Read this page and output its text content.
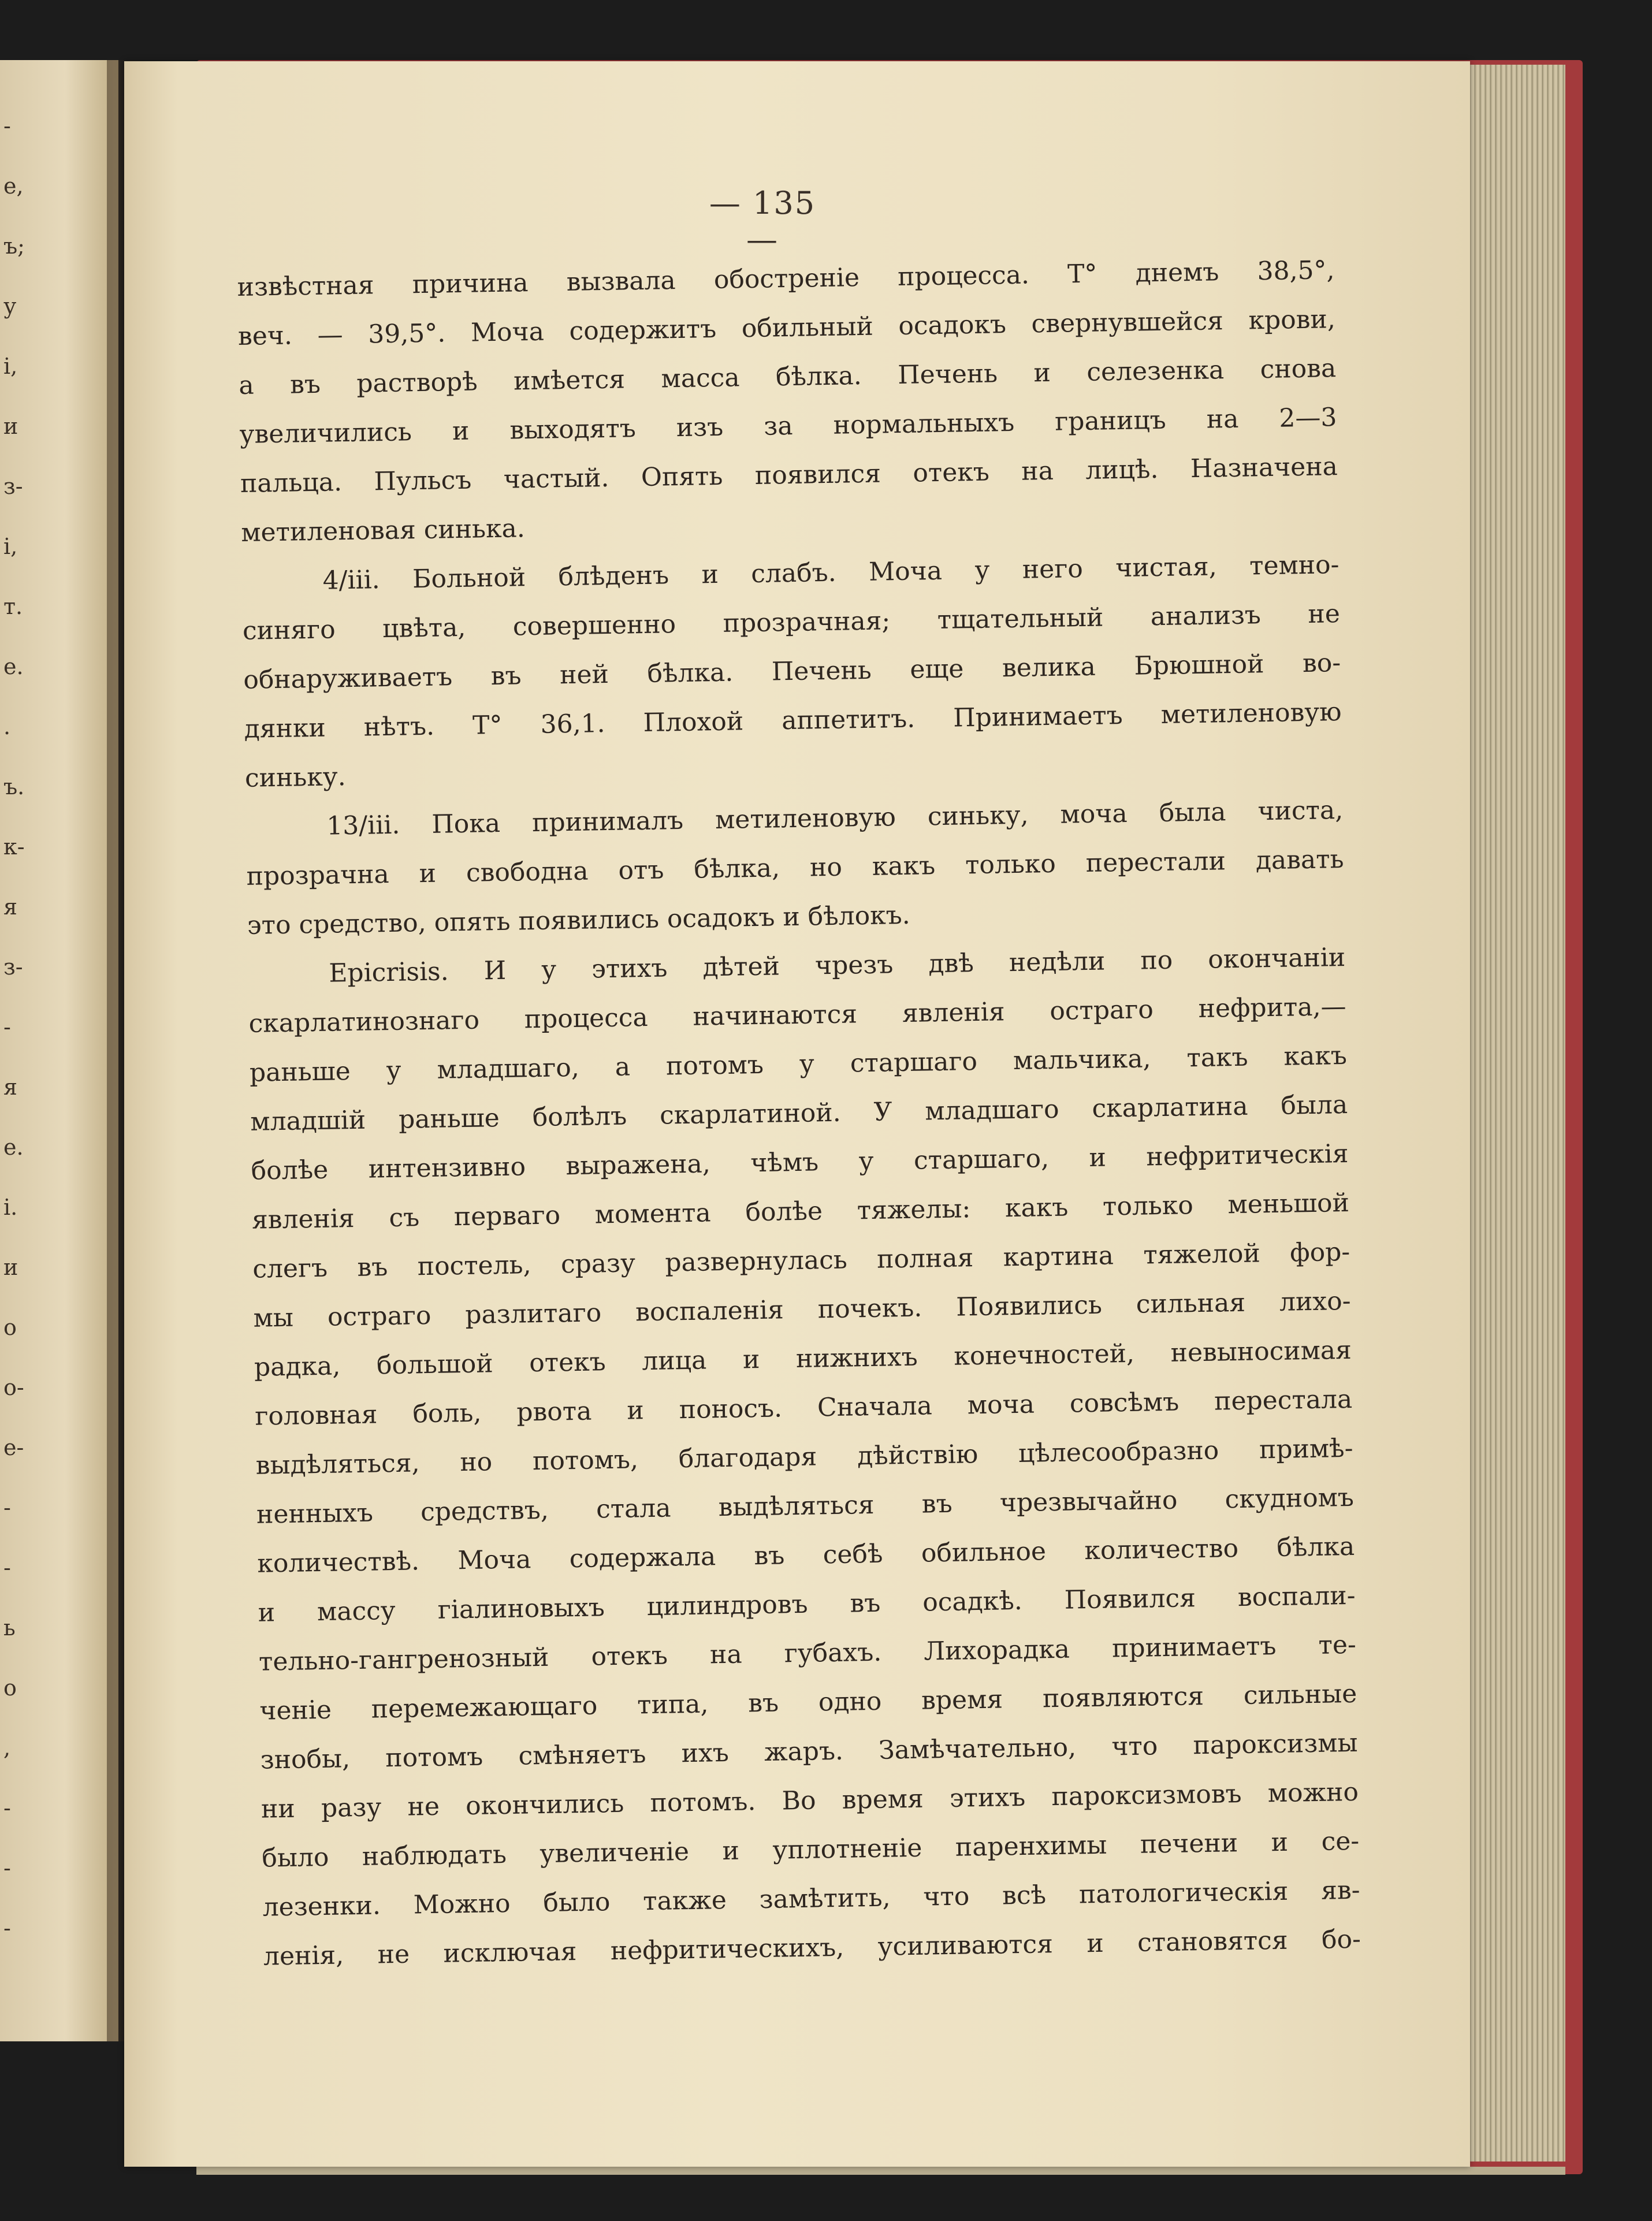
-
е,
ъ;
у
і,
и
з-
і,
т.
е.
.
ъ.
к-
я
з-
-
я
е.
і.
и
о
о-
е-
-
-
ь
о
,
-
-
-
— 135 —
извѣстная причина вызвала обостреніе процесса. Т° днемъ 38,5°,
веч. — 39,5°. Моча содержитъ обильный осадокъ свернувшейся крови,
а въ растворѣ имѣется масса бѣлка. Печень и селезенка снова
увеличились и выходятъ изъ за нормальныхъ границъ на 2—3
пальца. Пульсъ частый. Опять появился отекъ на лицѣ. Назначена
метиленовая синька.
4/ііі. Больной блѣденъ и слабъ. Моча у него чистая, темно-
синяго цвѣта, совершенно прозрачная; тщательный анализъ не
обнаруживаетъ въ ней бѣлка. Печень еще велика Брюшной во-
дянки нѣтъ. Т° 36,1. Плохой аппетитъ. Принимаетъ метиленовую
синьку.
13/ііі. Пока принималъ метиленовую синьку, моча была чиста,
прозрачна и свободна отъ бѣлка, но какъ только перестали давать
это средство, опять появились осадокъ и бѣлокъ.
Epicrisis. И у этихъ дѣтей чрезъ двѣ недѣли по окончаніи
скарлатинознаго процесса начинаются явленія остраго нефрита,—
раньше у младшаго, а потомъ у старшаго мальчика, такъ какъ
младшій раньше болѣлъ скарлатиной. У младшаго скарлатина была
болѣе интензивно выражена, чѣмъ у старшаго, и нефритическія
явленія съ перваго момента болѣе тяжелы: какъ только меньшой
слегъ въ постель, сразу развернулась полная картина тяжелой фор-
мы остраго разлитаго воспаленія почекъ. Появились сильная лихо-
радка, большой отекъ лица и нижнихъ конечностей, невыносимая
головная боль, рвота и поносъ. Сначала моча совсѣмъ перестала
выдѣляться, но потомъ, благодаря дѣйствію цѣлесообразно примѣ-
ненныхъ средствъ, стала выдѣляться въ чрезвычайно скудномъ
количествѣ. Моча содержала въ себѣ обильное количество бѣлка
и массу гіалиновыхъ цилиндровъ въ осадкѣ. Появился воспали-
тельно-гангренозный отекъ на губахъ. Лихорадка принимаетъ те-
ченіе перемежающаго типа, въ одно время появляются сильные
знобы, потомъ смѣняетъ ихъ жаръ. Замѣчательно, что пароксизмы
ни разу не окончились потомъ. Во время этихъ пароксизмовъ можно
было наблюдать увеличеніе и уплотненіе паренхимы печени и се-
лезенки. Можно было также замѣтить, что всѣ патологическія яв-
ленія, не исключая нефритическихъ, усиливаются и становятся бо-
